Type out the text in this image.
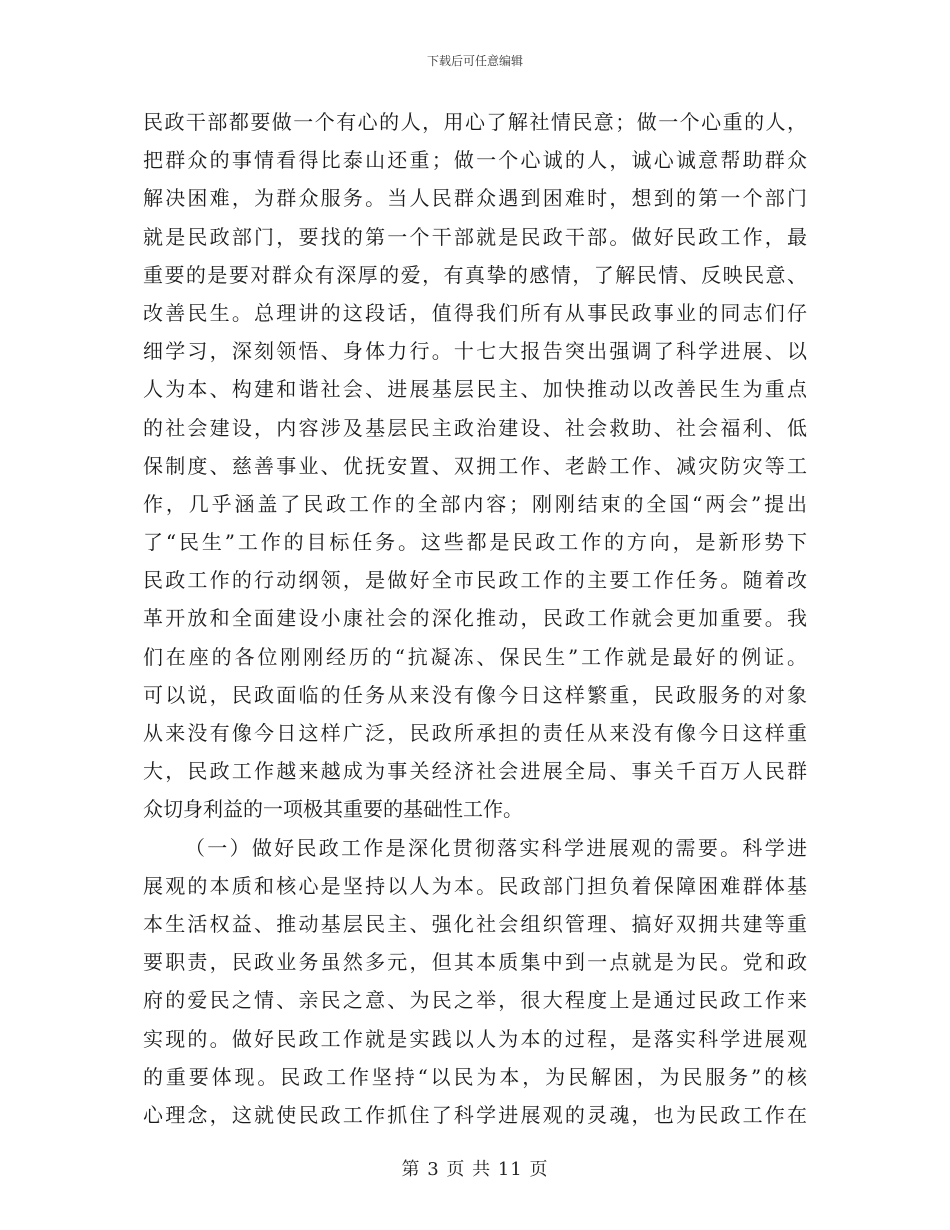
下载后可任意编辑
民政干部都要做一个有心的人，用心了解社情民意；做一个心重的人，
把群众的事情看得比泰山还重；做一个心诚的人，诚心诚意帮助群众
解决困难，为群众服务。当人民群众遇到困难时，想到的第一个部门
就是民政部门，要找的第一个干部就是民政干部。做好民政工作，最
重要的是要对群众有深厚的爱，有真挚的感情，了解民情、反映民意、
改善民生。总理讲的这段话，值得我们所有从事民政事业的同志们仔
细学习，深刻领悟、身体力行。十七大报告突出强调了科学进展、以
人为本、构建和谐社会、进展基层民主、加快推动以改善民生为重点
的社会建设，内容涉及基层民主政治建设、社会救助、社会福利、低
保制度、慈善事业、优抚安置、双拥工作、老龄工作、减灾防灾等工
作，几乎涵盖了民政工作的全部内容；刚刚结束的全国“两会”提出
了“民生”工作的目标任务。这些都是民政工作的方向，是新形势下
民政工作的行动纲领，是做好全市民政工作的主要工作任务。随着改
革开放和全面建设小康社会的深化推动，民政工作就会更加重要。我
们在座的各位刚刚经历的“抗凝冻、保民生”工作就是最好的例证。
可以说，民政面临的任务从来没有像今日这样繁重，民政服务的对象
从来没有像今日这样广泛，民政所承担的责任从来没有像今日这样重
大，民政工作越来越成为事关经济社会进展全局、事关千百万人民群
众切身利益的一项极其重要的基础性工作。
（一）做好民政工作是深化贯彻落实科学进展观的需要。科学进
展观的本质和核心是坚持以人为本。民政部门担负着保障困难群体基
本生活权益、推动基层民主、强化社会组织管理、搞好双拥共建等重
要职责，民政业务虽然多元，但其本质集中到一点就是为民。党和政
府的爱民之情、亲民之意、为民之举，很大程度上是通过民政工作来
实现的。做好民政工作就是实践以人为本的过程，是落实科学进展观
的重要体现。民政工作坚持“以民为本，为民解困，为民服务”的核
心理念，这就使民政工作抓住了科学进展观的灵魂，也为民政工作在
第 3 页 共 11 页
